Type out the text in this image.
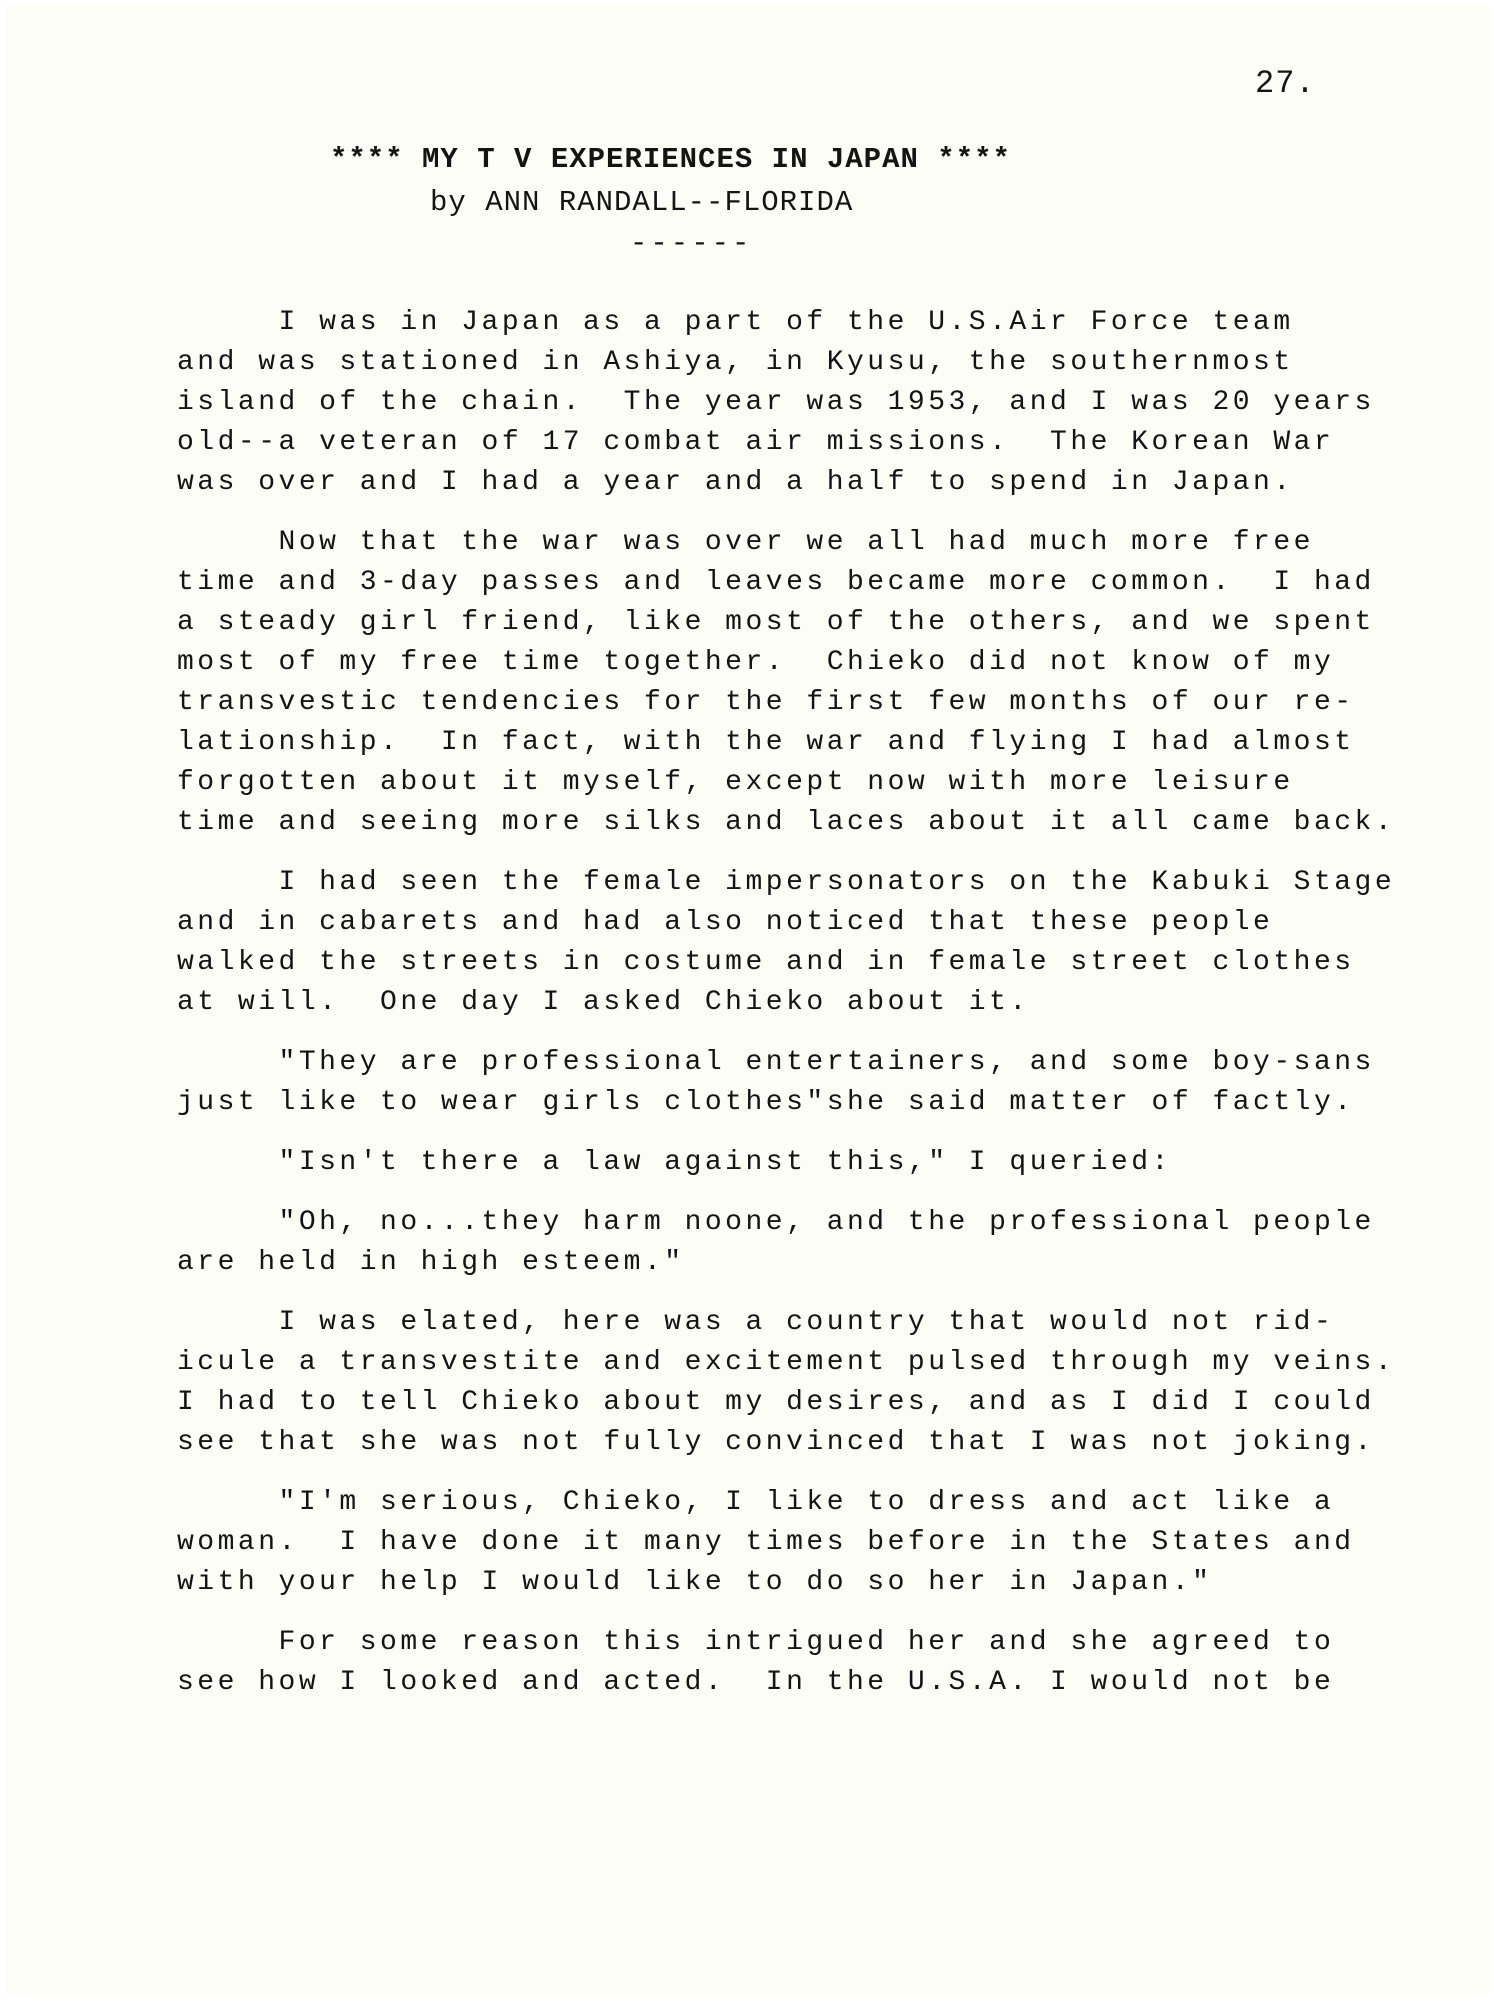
27.
**** MY T V EXPERIENCES IN JAPAN ****
by ANN RANDALL--FLORIDA
------
I was in Japan as a part of the U.S.Air Force team
and was stationed in Ashiya, in Kyusu, the southernmost
island of the chain.  The year was 1953, and I was 20 years
old--a veteran of 17 combat air missions.  The Korean War
was over and I had a year and a half to spend in Japan.
Now that the war was over we all had much more free
time and 3-day passes and leaves became more common.  I had
a steady girl friend, like most of the others, and we spent
most of my free time together.  Chieko did not know of my
transvestic tendencies for the first few months of our re-
lationship.  In fact, with the war and flying I had almost
forgotten about it myself, except now with more leisure
time and seeing more silks and laces about it all came back.
I had seen the female impersonators on the Kabuki Stage
and in cabarets and had also noticed that these people
walked the streets in costume and in female street clothes
at will.  One day I asked Chieko about it.
"They are professional entertainers, and some boy-sans
just like to wear girls clothes"she said matter of factly.
"Isn't there a law against this," I queried:
"Oh, no...they harm noone, and the professional people
are held in high esteem."
I was elated, here was a country that would not rid-
icule a transvestite and excitement pulsed through my veins.
I had to tell Chieko about my desires, and as I did I could
see that she was not fully convinced that I was not joking.
"I'm serious, Chieko, I like to dress and act like a
woman.  I have done it many times before in the States and
with your help I would like to do so her in Japan."
For some reason this intrigued her and she agreed to
see how I looked and acted.  In the U.S.A. I would not be
